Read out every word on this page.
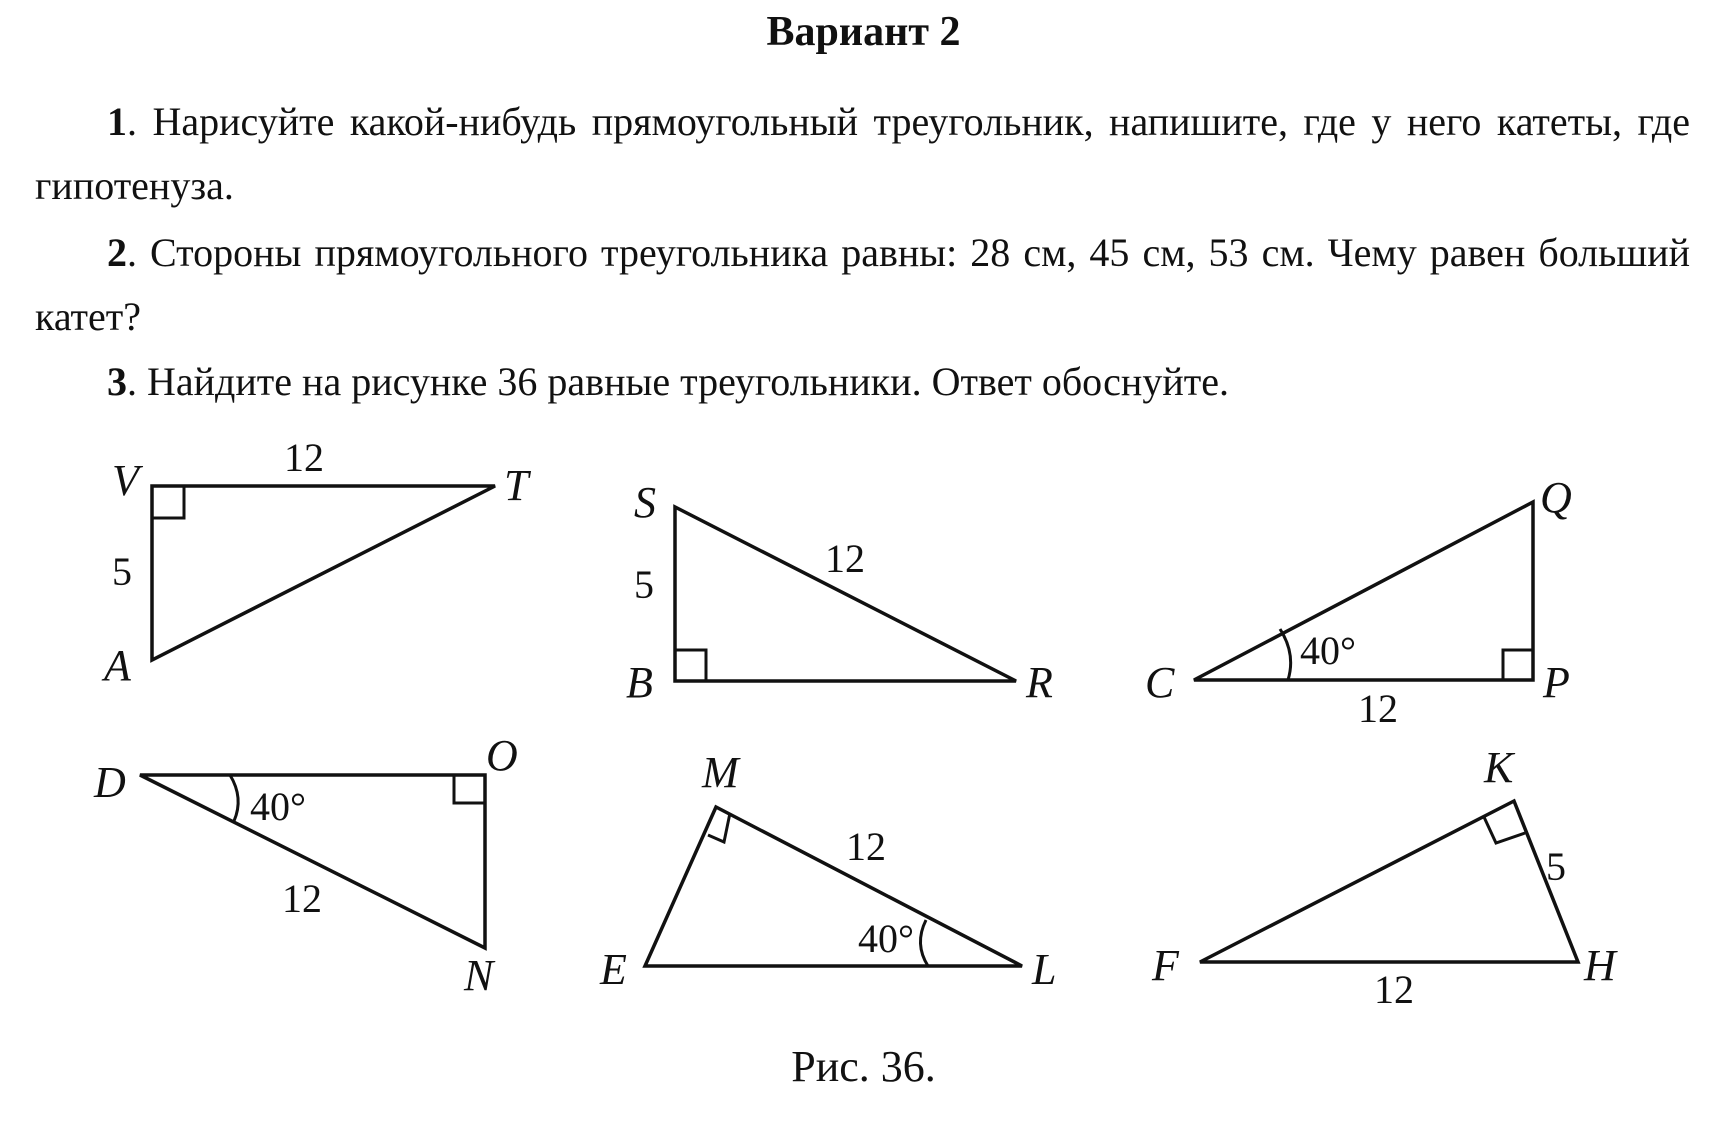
Вариант 2

1. Нарисуйте какой-нибудь прямоугольный треугольник, напишите, где у него катеты, где гипотенуза.

2. Стороны прямоугольного треугольника равны: 28 см, 45 см, 53 см. Чему равен больший катет?

3. Найдите на рисунке 36 равные треугольники. Ответ обоснуйте.

V	T
A
12
5
S
B	R
5
12
Q
C	P
40°
12
D
O
N
40°
12
M
E	L
12
40°
K
F	H
5
12

Рис. 36.
